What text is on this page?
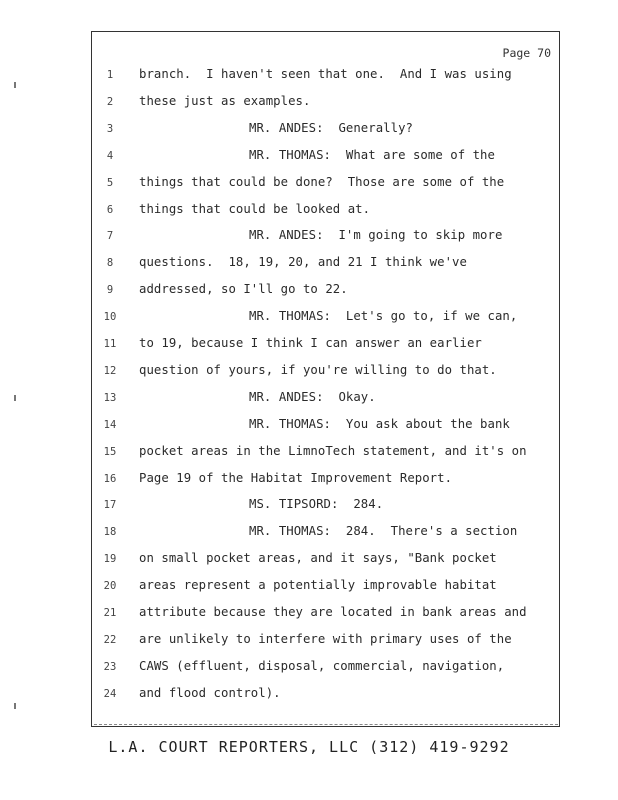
Page 70
1	branch.  I haven't seen that one.  And I was using
2	these just as examples.
3	MR. ANDES:  Generally?
4	MR. THOMAS:  What are some of the
5	things that could be done?  Those are some of the
6	things that could be looked at.
7	MR. ANDES:  I'm going to skip more
8	questions.  18, 19, 20, and 21 I think we've
9	addressed, so I'll go to 22.
10	MR. THOMAS:  Let's go to, if we can,
11 to 19, because I think I can answer an earlier
12 question of yours, if you're willing to do that.
13	MR. ANDES:  Okay.
14	MR. THOMAS:  You ask about the bank
15 pocket areas in the LimnoTech statement, and it's on
16 Page 19 of the Habitat Improvement Report.
17	MS. TIPSORD:  284.
18	MR. THOMAS:  284.  There's a section
19 on small pocket areas, and it says, "Bank pocket
20 areas represent a potentially improvable habitat
21 attribute because they are located in bank areas and
22 are unlikely to interfere with primary uses of the
23 CAWS (effluent, disposal, commercial, navigation,
24 and flood control).
L.A. COURT REPORTERS, LLC (312) 419-9292
